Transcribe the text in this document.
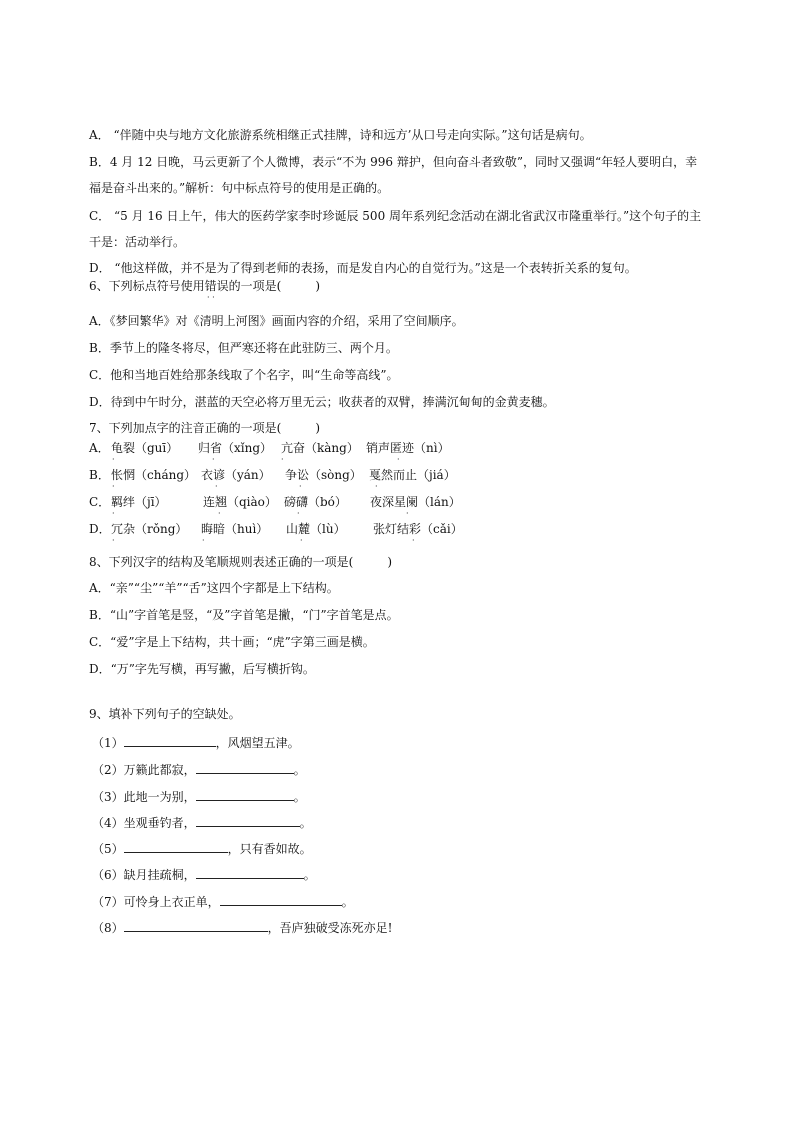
A． “伴随中央与地方文化旅游系统相继正式挂牌，诗和远方’从口号走向实际。”这句话是病句。
B．4 月 12 日晚，马云更新了个人微博，表示“不为 996 辩护，但向奋斗者致敬”，同时又强调“年轻人要明白，幸
福是奋斗出来的。”解析：句中标点符号的使用是正确的。
C． “5 月 16 日上午，伟大的医药学家李时珍诞辰 500 周年系列纪念活动在湖北省武汉市隆重举行。”这个句子的主
干是：活动举行。
D． “他这样做，并不是为了得到老师的表扬，而是发自内心的自觉行为。”这是一个表转折关系的复句。
6、下列标点符号使用错误的一项是(	)
· ·
A．《梦回繁华》对《清明上河图》画面内容的介绍，采用了空间顺序。
B．季节上的隆冬将尽，但严寒还将在此驻防三、两个月。
C．他和当地百姓给那条线取了个名字，叫“生命等高线”。
D．待到中午时分，湛蓝的天空必将万里无云；收获者的双臂，捧满沉甸甸的金黄麦穗。
7、下列加点字的注音正确的一项是(	)
A． 龟裂（guī） 归省（xǐng） 亢奋（kàng） 销声匿迹（nì）
·	·	·	·
B． 怅惘（cháng） 衣谚（yán） 争讼（sòng） 戛然而止（jiá）
·	·	·	·
C． 羁绊（jī）	连翘（qiào） 磅礴（bó） 夜深星阑（lán）
·	·	·	·
D． 冗杂（rǒng） 晦暗（huì） 山麓（lù） 张灯结彩（cǎi）
·	·	·	·
8、下列汉字的结构及笔顺规则表述正确的一项是(	)
A．“亲”“尘”“羊”“舌”这四个字都是上下结构。
B．“山”字首笔是竖，“及”字首笔是撇，“门”字首笔是点。
C．“爱”字是上下结构，共十画；“虎”字第三画是横。
D．“万”字先写横，再写撇，后写横折钩。
9、填补下列句子的空缺处。
（1）	，风烟望五津。
（2）万籁此都寂，	。
（3）此地一为别，	。
（4）坐观垂钓者，	。
（5）	，只有香如故。
（6）缺月挂疏桐，	。
（7）可怜身上衣正单，	。
（8）	，吾庐独破受冻死亦足!
